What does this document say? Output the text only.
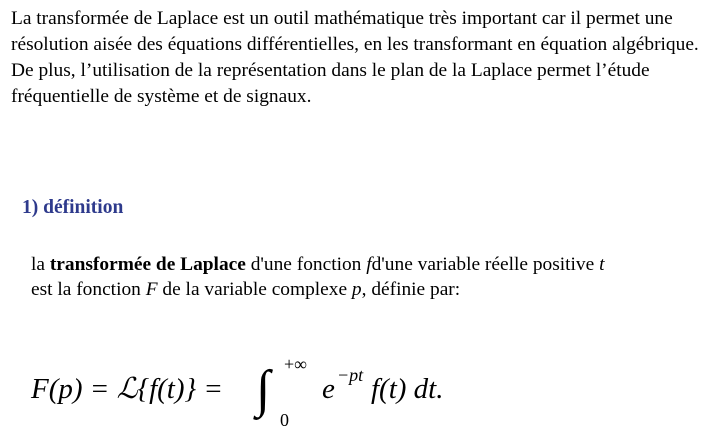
La transformée de Laplace est un outil mathématique très important car il permet une résolution aisée des équations différentielles, en les transformant en équation algébrique. De plus, l’utilisation de la représentation dans le plan de la Laplace permet l’étude fréquentielle de système et de signaux.

1) définition

la transformée de Laplace d'une fonction fd'une variable réelle positive t
est la fonction F de la variable complexe p, définie par:

F(p) = ℒ{f(t)} = ∫ +∞
0
e −pt f(t) dt.
